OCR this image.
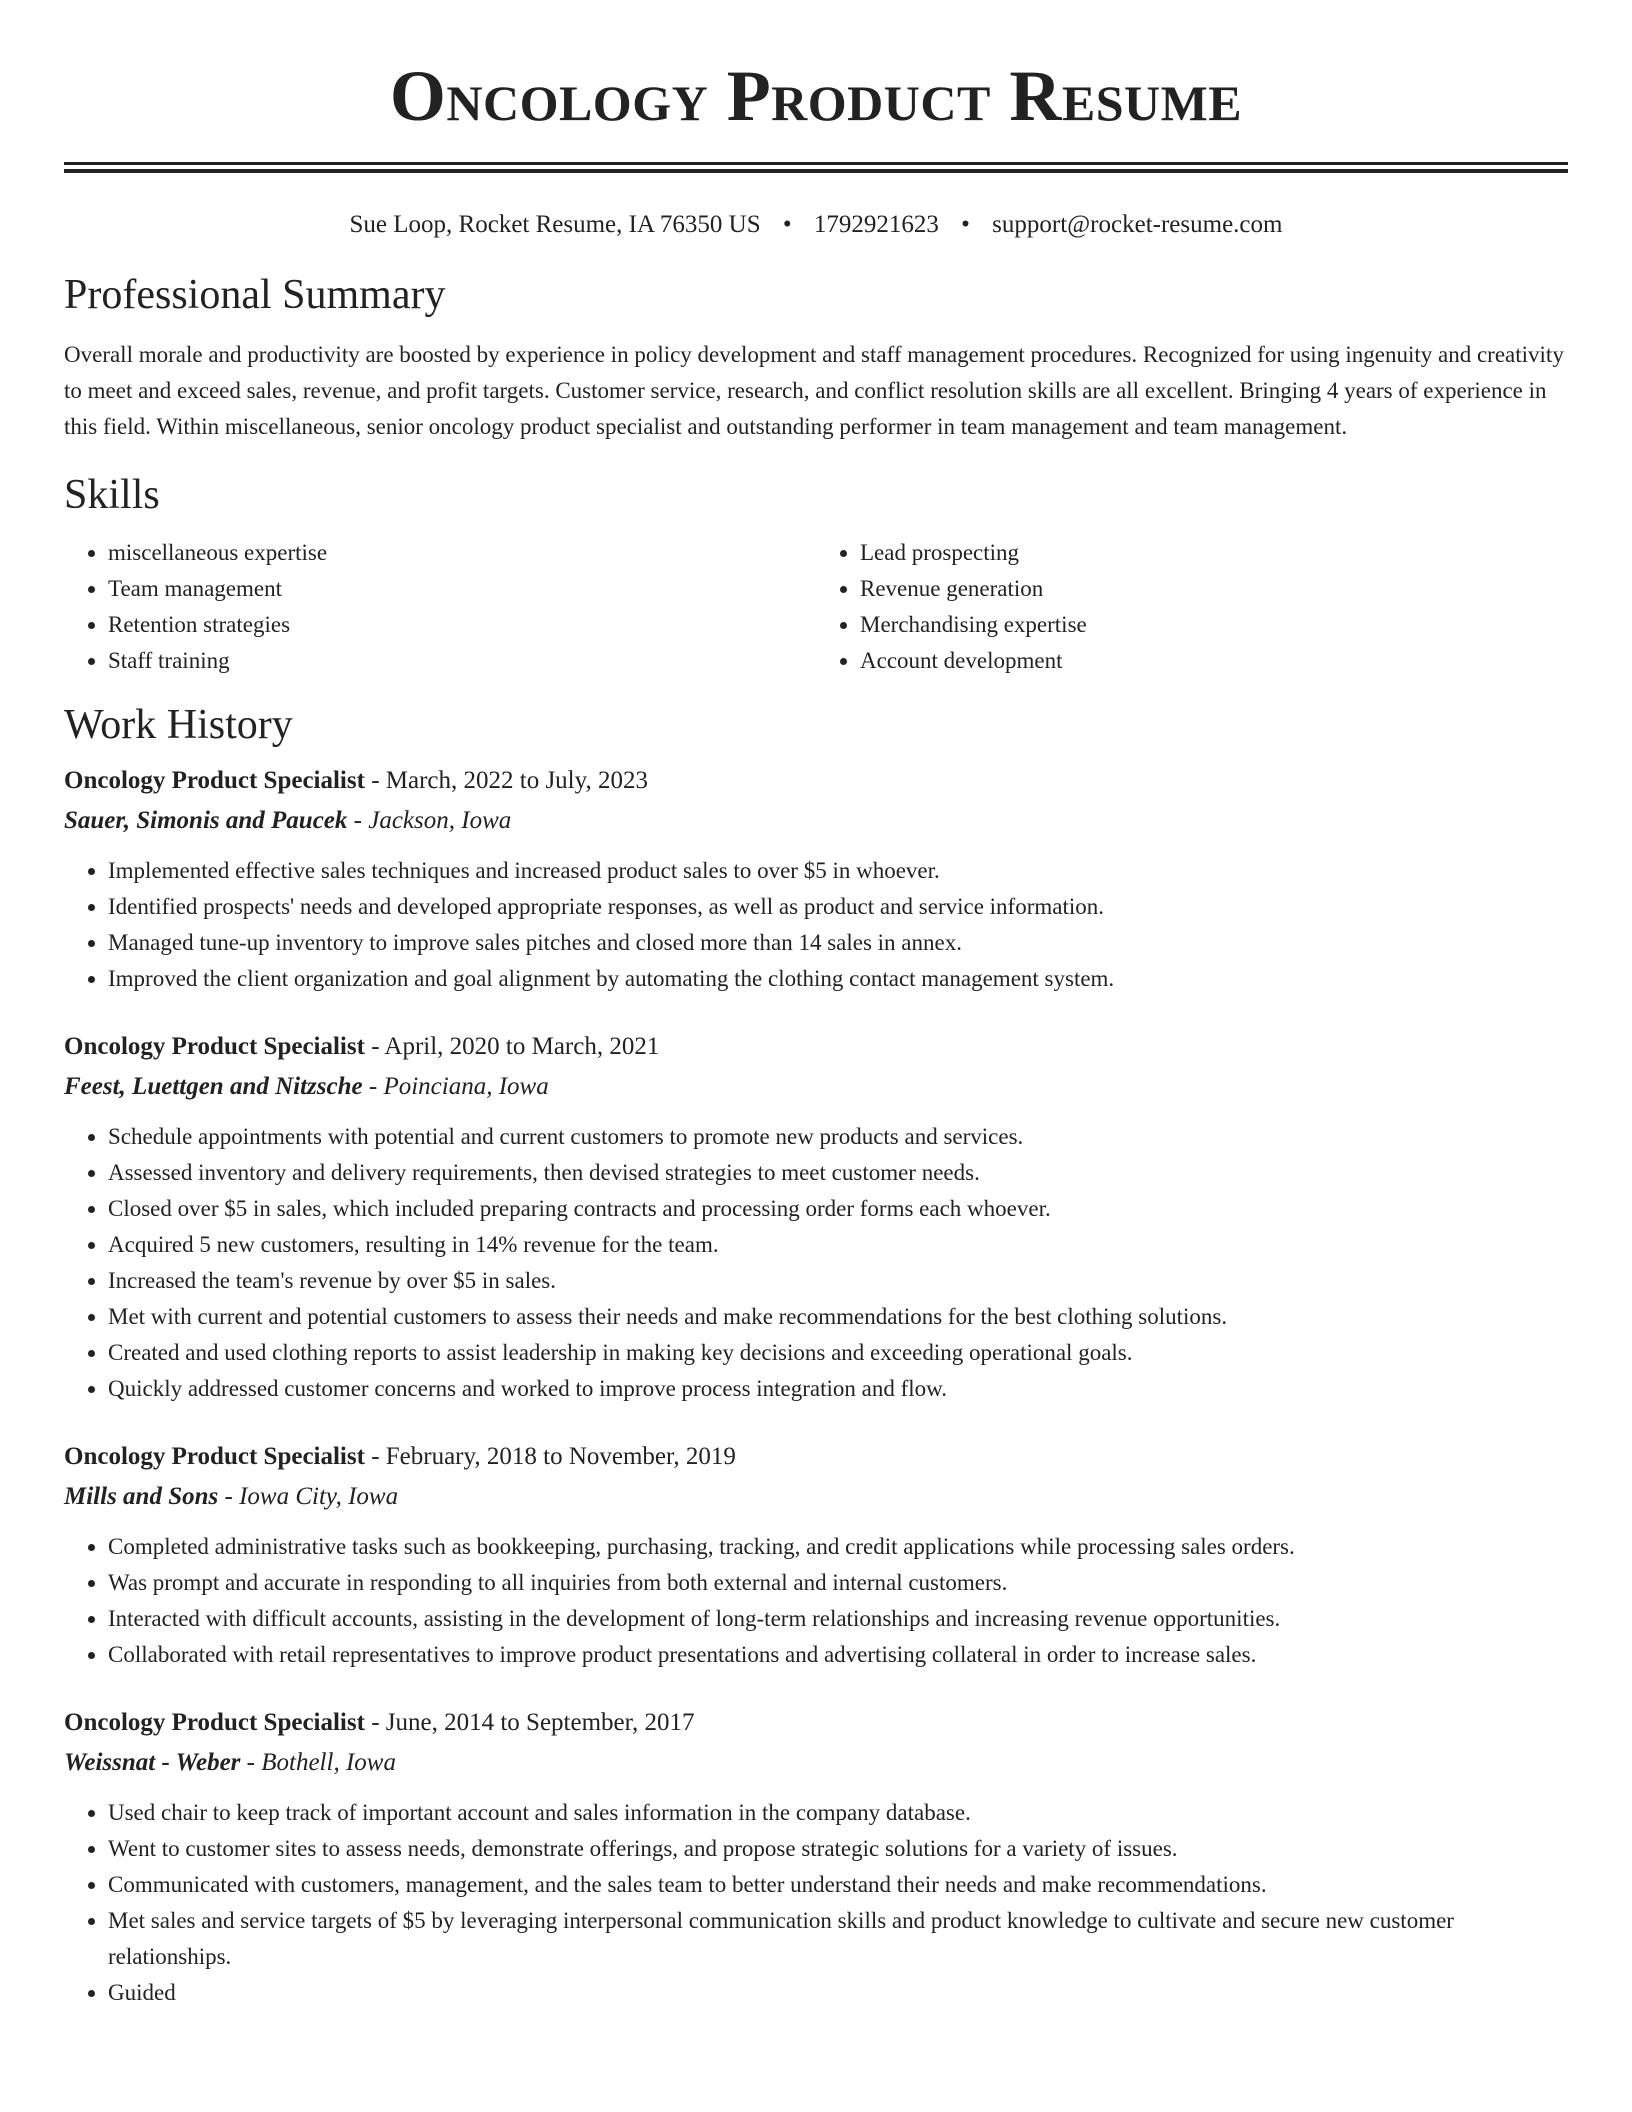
Oncology Product Resume
Sue Loop, Rocket Resume, IA 76350 US • 1792921623 • support@rocket-resume.com
Professional Summary

Overall morale and productivity are boosted by experience in policy development and staff management procedures. Recognized for using ingenuity and creativity to meet and exceed sales, revenue, and profit targets. Customer service, research, and conflict resolution skills are all excellent. Bringing 4 years of experience in this field. Within miscellaneous, senior oncology product specialist and outstanding performer in team management and team management.

Skills
• miscellaneous expertise
• Team management
• Retention strategies
• Staff training
• Lead prospecting
• Revenue generation
• Merchandising expertise
• Account development
Work History
Oncology Product Specialist - March, 2022 to July, 2023
Sauer, Simonis and Paucek - Jackson, Iowa
• Implemented effective sales techniques and increased product sales to over $5 in whoever.
• Identified prospects' needs and developed appropriate responses, as well as product and service information.
• Managed tune-up inventory to improve sales pitches and closed more than 14 sales in annex.
• Improved the client organization and goal alignment by automating the clothing contact management system.
Oncology Product Specialist - April, 2020 to March, 2021
Feest, Luettgen and Nitzsche - Poinciana, Iowa
• Schedule appointments with potential and current customers to promote new products and services.
• Assessed inventory and delivery requirements, then devised strategies to meet customer needs.
• Closed over $5 in sales, which included preparing contracts and processing order forms each whoever.
• Acquired 5 new customers, resulting in 14% revenue for the team.
• Increased the team's revenue by over $5 in sales.
• Met with current and potential customers to assess their needs and make recommendations for the best clothing solutions.
• Created and used clothing reports to assist leadership in making key decisions and exceeding operational goals.
• Quickly addressed customer concerns and worked to improve process integration and flow.
Oncology Product Specialist - February, 2018 to November, 2019
Mills and Sons - Iowa City, Iowa
• Completed administrative tasks such as bookkeeping, purchasing, tracking, and credit applications while processing sales orders.
• Was prompt and accurate in responding to all inquiries from both external and internal customers.
• Interacted with difficult accounts, assisting in the development of long-term relationships and increasing revenue opportunities.
• Collaborated with retail representatives to improve product presentations and advertising collateral in order to increase sales.
Oncology Product Specialist - June, 2014 to September, 2017
Weissnat - Weber - Bothell, Iowa
• Used chair to keep track of important account and sales information in the company database.
• Went to customer sites to assess needs, demonstrate offerings, and propose strategic solutions for a variety of issues.
• Communicated with customers, management, and the sales team to better understand their needs and make recommendations.
• Met sales and service targets of $5 by leveraging interpersonal communication skills and product knowledge to cultivate and secure new customer relationships.
• Guided
